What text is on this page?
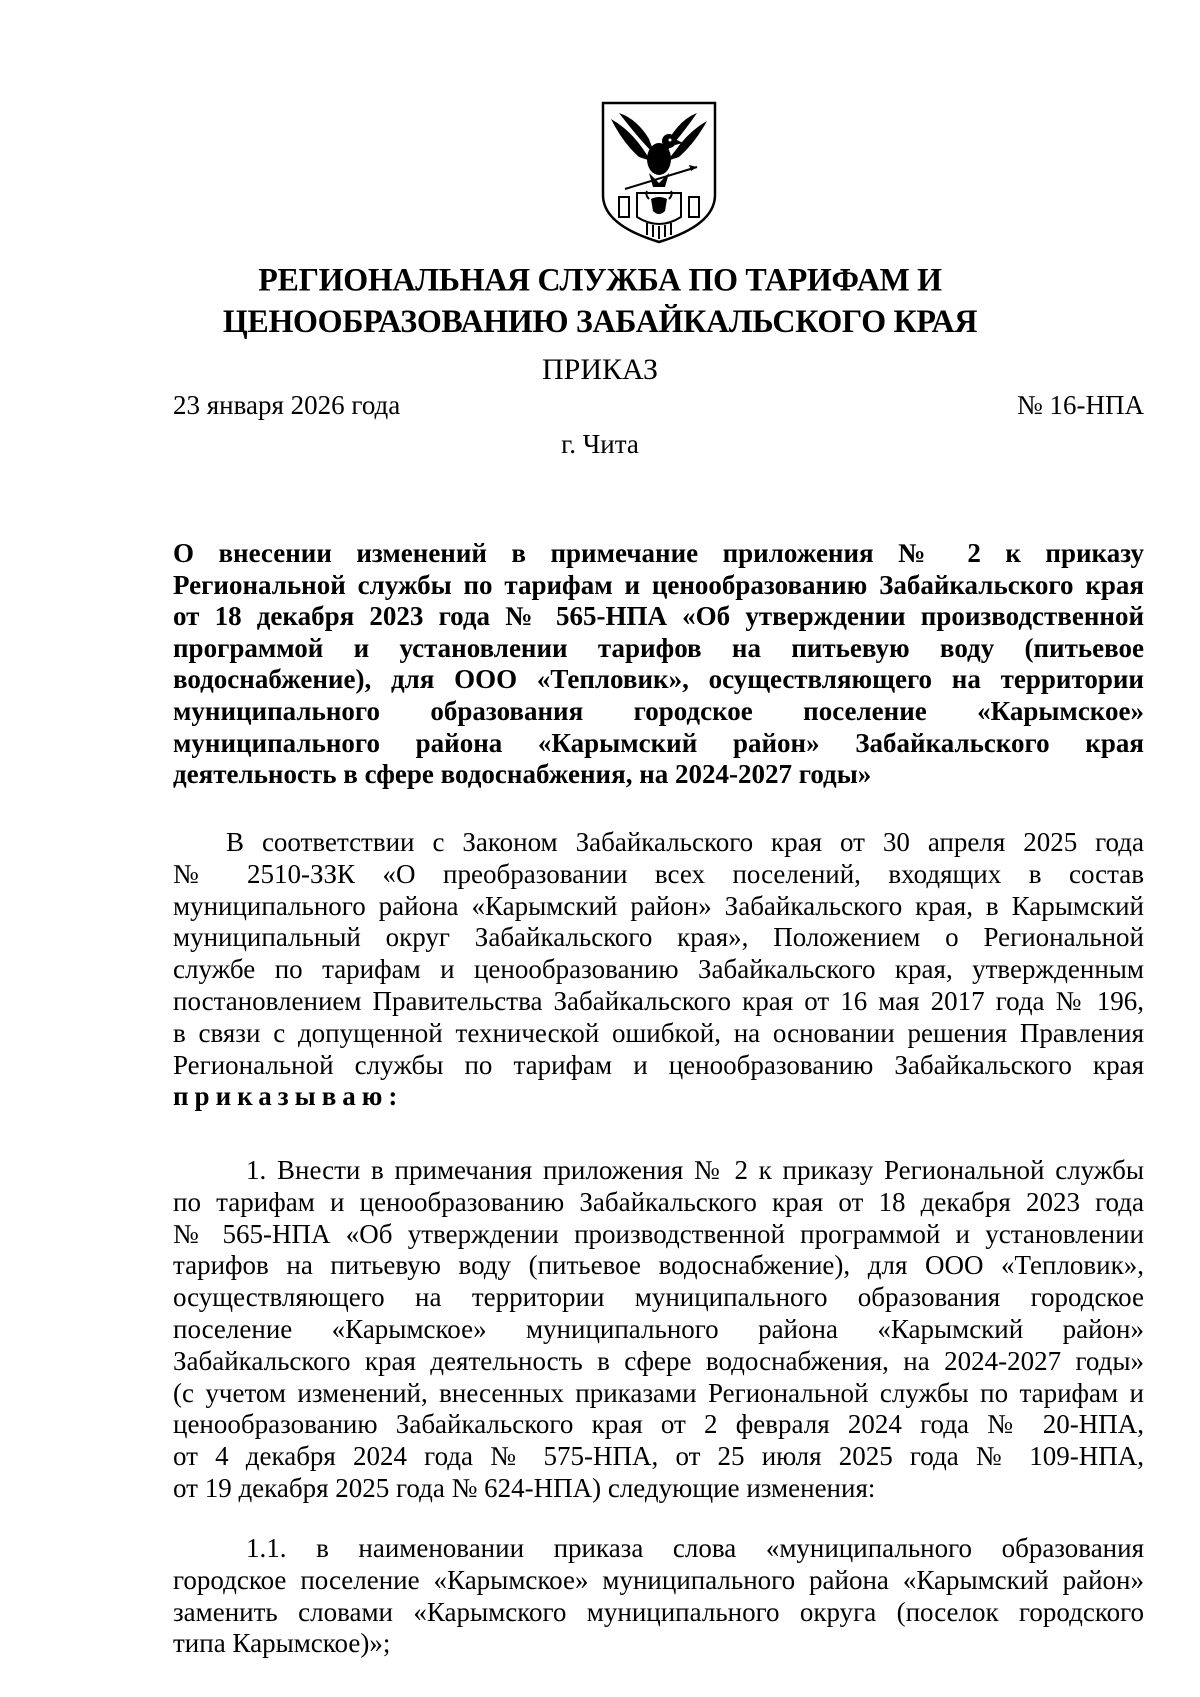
РЕГИОНАЛЬНАЯ СЛУЖБА ПО ТАРИФАМ И
ЦЕНООБРАЗОВАНИЮ ЗАБАЙКАЛЬСКОГО КРАЯ
ПРИКАЗ
23 января 2026 года	№ 16-НПА
г. Чита
О внесении изменений в примечание приложения № 2 к приказу
Региональной службы по тарифам и ценообразованию Забайкальского края
от 18 декабря 2023 года № 565-НПА «Об утверждении производственной
программой и установлении тарифов на питьевую воду (питьевое
водоснабжение), для ООО «Тепловик», осуществляющего на территории
муниципального образования городское поселение «Карымское»
муниципального района «Карымский район» Забайкальского края
деятельность в сфере водоснабжения, на 2024-2027 годы»
В соответствии с Законом Забайкальского края от 30 апреля 2025 года
№ 2510-ЗЗК «О преобразовании всех поселений, входящих в состав
муниципального района «Карымский район» Забайкальского края, в Карымский
муниципальный округ Забайкальского края», Положением о Региональной
службе по тарифам и ценообразованию Забайкальского края, утвержденным
постановлением Правительства Забайкальского края от 16 мая 2017 года № 196,
в связи с допущенной технической ошибкой, на основании решения Правления
Региональной службы по тарифам и ценообразованию Забайкальского края
приказываю:
1. Внести в примечания приложения № 2 к приказу Региональной службы
по тарифам и ценообразованию Забайкальского края от 18 декабря 2023 года
№ 565-НПА «Об утверждении производственной программой и установлении
тарифов на питьевую воду (питьевое водоснабжение), для ООО «Тепловик»,
осуществляющего на территории муниципального образования городское
поселение «Карымское» муниципального района «Карымский район»
Забайкальского края деятельность в сфере водоснабжения, на 2024-2027 годы»
(с учетом изменений, внесенных приказами Региональной службы по тарифам и
ценообразованию Забайкальского края от 2 февраля 2024 года № 20-НПА,
от 4 декабря 2024 года № 575-НПА, от 25 июля 2025 года № 109-НПА,
от 19 декабря 2025 года № 624-НПА) следующие изменения:
1.1. в наименовании приказа слова «муниципального образования
городское поселение «Карымское» муниципального района «Карымский район»
заменить словами «Карымского муниципального округа (поселок городского
типа Карымское)»;
